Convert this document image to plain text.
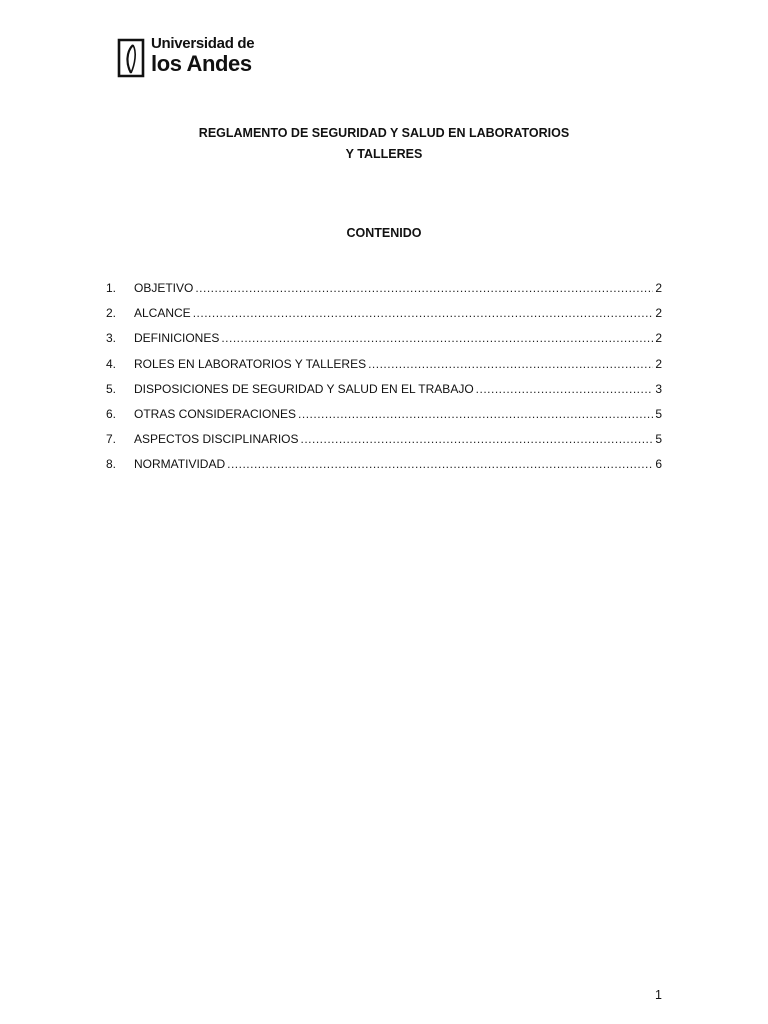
Universidad de
los Andes
REGLAMENTO DE SEGURIDAD Y SALUD EN LABORATORIOS
Y TALLERES
CONTENIDO
1.	OBJETIVO .....	2
2.	ALCANCE .....	2
3.	DEFINICIONES .....	2
4.	ROLES EN LABORATORIOS Y TALLERES .....	2
5.	DISPOSICIONES DE SEGURIDAD Y SALUD EN EL TRABAJO .....	3
6.	OTRAS CONSIDERACIONES .....	5
7.	ASPECTOS DISCIPLINARIOS .....	5
8.	NORMATIVIDAD .....	6
1
